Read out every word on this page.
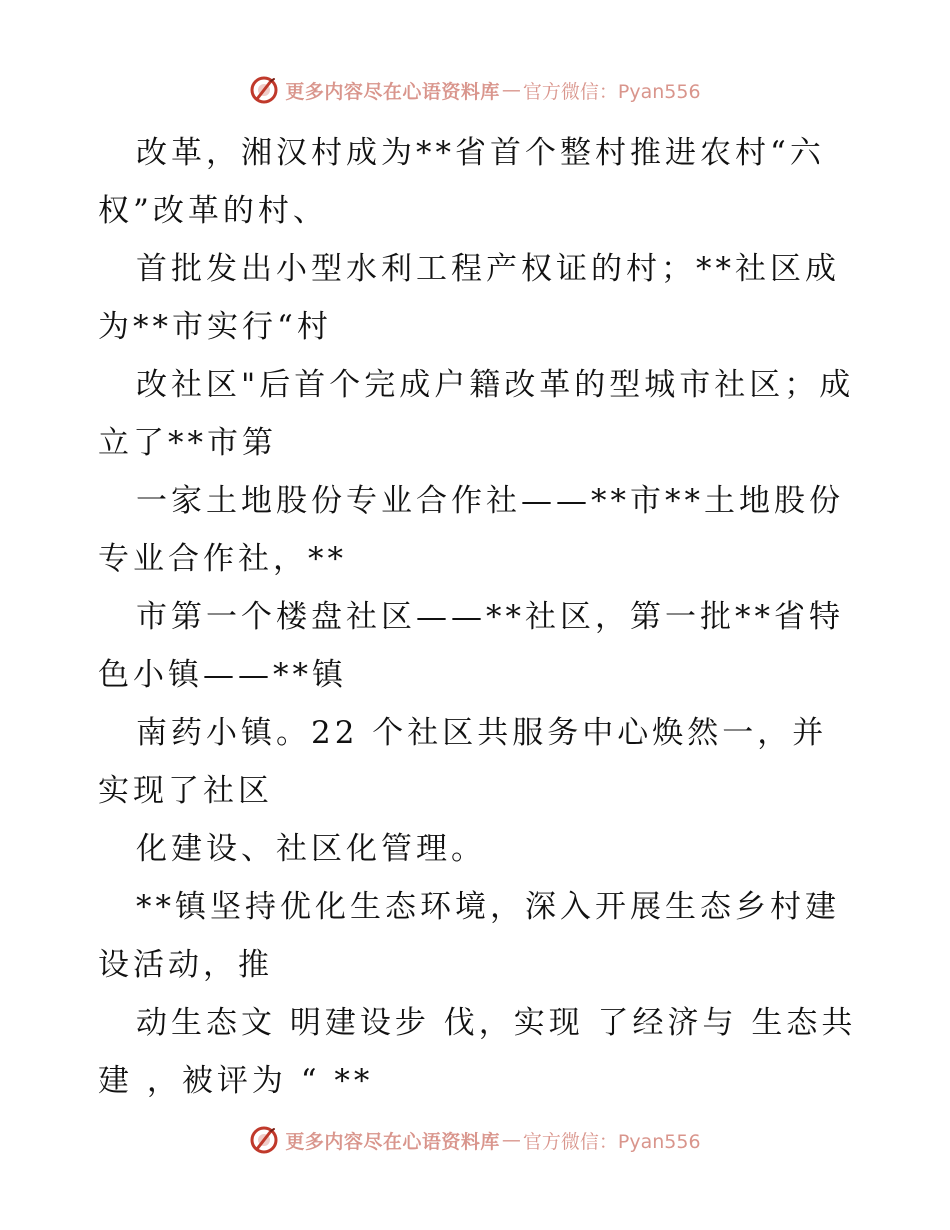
更多内容尽在心语资料库 — 官方微信：Pyan556

改革，湘汉村成为**省首个整村推进农村“六权”改革的村、

首批发出小型水利工程产权证的村；**社区成为**市实行“村

改社区"后首个完成户籍改革的型城市社区；成立了**市第

一家土地股份专业合作社——**市**土地股份专业合作社，**

市第一个楼盘社区——**社区，第一批**省特色小镇——**镇

南药小镇。22 个社区共服务中心焕然一，并实现了社区

化建设、社区化管理。

**镇坚持优化生态环境，深入开展生态乡村建设活动，推

动生态文 明建设步 伐，实现 了经济与 生态共建 ，被评为 “ **

更多内容尽在心语资料库 — 官方微信：Pyan556
